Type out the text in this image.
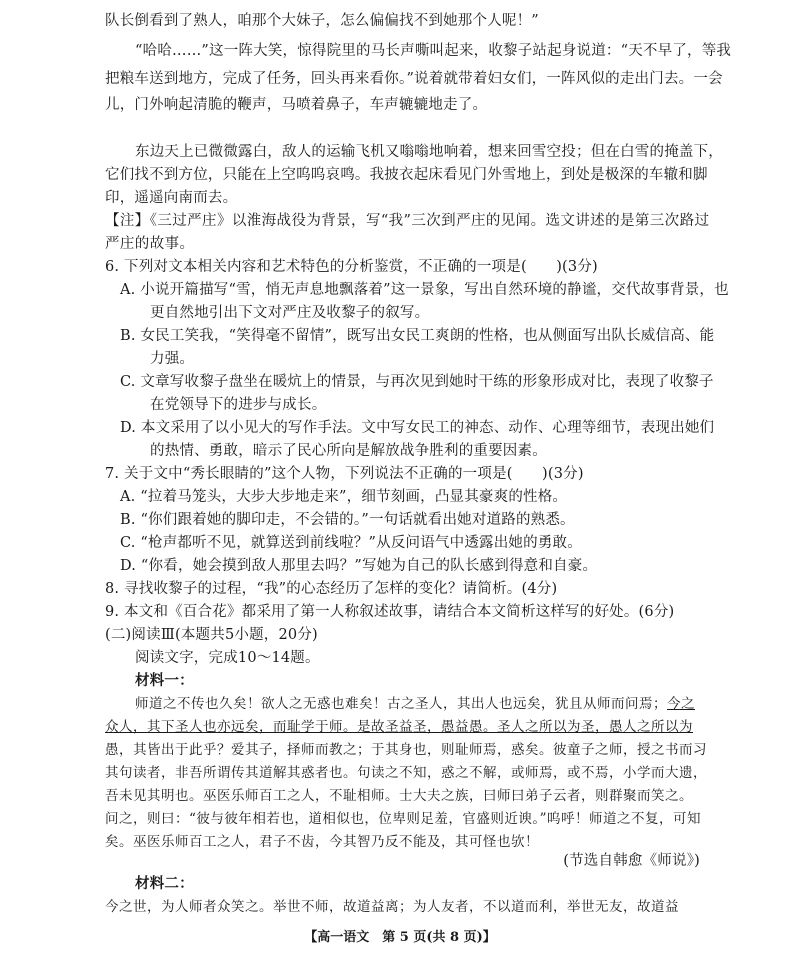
队长倒看到了熟人，咱那个大妹子，怎么偏偏找不到她那个人呢！”
“哈哈……”这一阵大笑，惊得院里的马长声嘶叫起来，收黎子站起身说道：“天不早了，等我
把粮车送到地方，完成了任务，回头再来看你。”说着就带着妇女们，一阵风似的走出门去。一会
儿，门外响起清脆的鞭声，马喷着鼻子，车声辘辘地走了。
东边天上已微微露白，敌人的运输飞机又嗡嗡地响着，想来回雪空投；但在白雪的掩盖下，
它们找不到方位，只能在上空呜呜哀鸣。我披衣起床看见门外雪地上，到处是极深的车辙和脚
印，遥遥向南而去。
【注】《三过严庄》以淮海战役为背景，写“我”三次到严庄的见闻。选文讲述的是第三次路过
严庄的故事。
6. 下列对文本相关内容和艺术特色的分析鉴赏，不正确的一项是(　　)(3分)
A. 小说开篇描写“雪，悄无声息地飘落着”这一景象，写出自然环境的静谧，交代故事背景，也
更自然地引出下文对严庄及收黎子的叙写。
B. 女民工笑我，“笑得毫不留情”，既写出女民工爽朗的性格，也从侧面写出队长威信高、能
力强。
C. 文章写收黎子盘坐在暖炕上的情景，与再次见到她时干练的形象形成对比，表现了收黎子
在党领导下的进步与成长。
D. 本文采用了以小见大的写作手法。文中写女民工的神态、动作、心理等细节，表现出她们
的热情、勇敢，暗示了民心所向是解放战争胜利的重要因素。
7. 关于文中“秀长眼睛的”这个人物，下列说法不正确的一项是(　　)(3分)
A. “拉着马笼头，大步大步地走来”，细节刻画，凸显其豪爽的性格。
B. “你们跟着她的脚印走，不会错的。”一句话就看出她对道路的熟悉。
C. “枪声都听不见，就算送到前线啦？”从反问语气中透露出她的勇敢。
D. “你看，她会摸到敌人那里去吗？”写她为自己的队长感到得意和自豪。
8. 寻找收黎子的过程，“我”的心态经历了怎样的变化？请简析。(4分)
9. 本文和《百合花》都采用了第一人称叙述故事，请结合本文简析这样写的好处。(6分)
(二)阅读Ⅲ(本题共5小题，20分)
阅读文字，完成10～14题。
材料一：
师道之不传也久矣！欲人之无惑也难矣！古之圣人，其出人也远矣，犹且从师而问焉；今之
众人，其下圣人也亦远矣，而耻学于师。是故圣益圣，愚益愚。圣人之所以为圣，愚人之所以为
愚，其皆出于此乎？爱其子，择师而教之；于其身也，则耻师焉，惑矣。彼童子之师，授之书而习
其句读者，非吾所谓传其道解其惑者也。句读之不知，惑之不解，或师焉，或不焉，小学而大遗，
吾未见其明也。巫医乐师百工之人，不耻相师。士大夫之族，曰师曰弟子云者，则群聚而笑之。
问之，则曰：“彼与彼年相若也，道相似也，位卑则足羞，官盛则近谀。”呜呼！师道之不复，可知
矣。巫医乐师百工之人，君子不齿，今其智乃反不能及，其可怪也欤！
(节选自韩愈《师说》)
材料二：
今之世，为人师者众笑之。举世不师，故道益离；为人友者，不以道而利，举世无友，故道益
【高一语文　第 5 页(共 8 页)】
